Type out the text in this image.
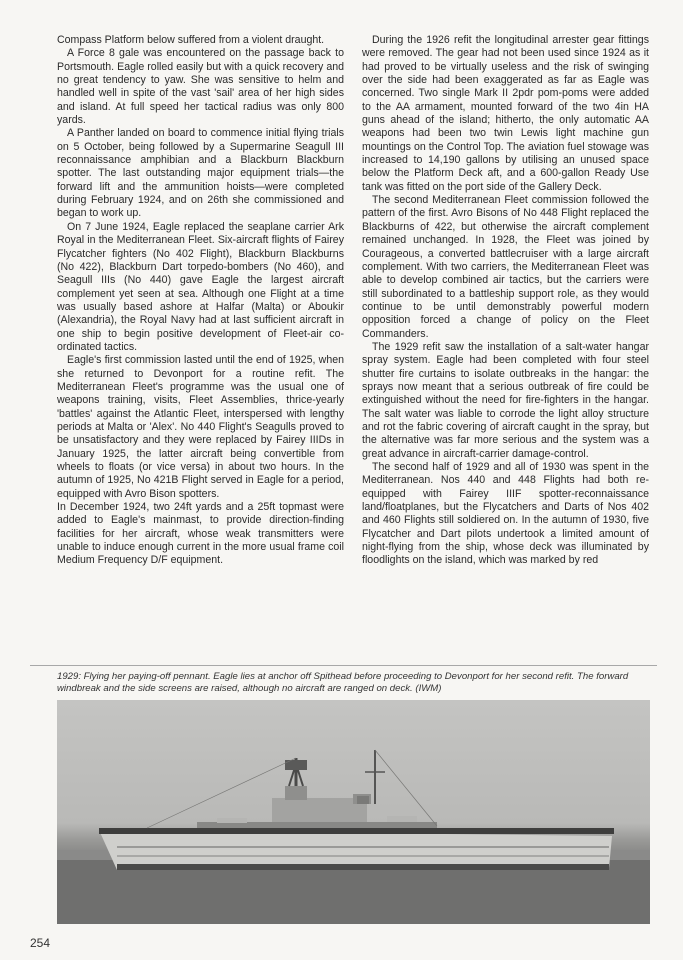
Compass Platform below suffered from a violent draught.

A Force 8 gale was encountered on the passage back to Portsmouth. Eagle rolled easily but with a quick recovery and no great tendency to yaw. She was sensitive to helm and handled well in spite of the vast 'sail' area of her high sides and island. At full speed her tactical radius was only 800 yards.

A Panther landed on board to commence initial flying trials on 5 October, being followed by a Supermarine Seagull III reconnaissance amphibian and a Blackburn Blackburn spotter. The last outstanding major equipment trials—the forward lift and the ammunition hoists—were completed during February 1924, and on 26th she commissioned and began to work up.

On 7 June 1924, Eagle replaced the seaplane carrier Ark Royal in the Mediterranean Fleet. Six-aircraft flights of Fairey Flycatcher fighters (No 402 Flight), Blackburn Blackburns (No 422), Blackburn Dart torpedo-bombers (No 460), and Seagull IIIs (No 440) gave Eagle the largest aircraft complement yet seen at sea. Although one Flight at a time was usually based ashore at Halfar (Malta) or Aboukir (Alexandria), the Royal Navy had at last sufficient aircraft in one ship to begin positive development of Fleet-air co-ordinated tactics.

Eagle's first commission lasted until the end of 1925, when she returned to Devonport for a routine refit. The Mediterranean Fleet's programme was the usual one of weapons training, visits, Fleet Assemblies, thrice-yearly 'battles' against the Atlantic Fleet, interspersed with lengthy periods at Malta or 'Alex'. No 440 Flight's Seagulls proved to be unsatisfactory and they were replaced by Fairey IIIDs in January 1925, the latter aircraft being convertible from wheels to floats (or vice versa) in about two hours. In the autumn of 1925, No 421B Flight served in Eagle for a period, equipped with Avro Bison spotters.

In December 1924, two 24ft yards and a 25ft topmast were added to Eagle's mainmast, to provide direction-finding facilities for her aircraft, whose weak transmitters were unable to induce enough current in the more usual frame coil Medium Frequency D/F equipment.

During the 1926 refit the longitudinal arrester gear fittings were removed. The gear had not been used since 1924 as it had proved to be virtually useless and the risk of swinging over the side had been exaggerated as far as Eagle was concerned. Two single Mark II 2pdr pom-poms were added to the AA armament, mounted forward of the two 4in HA guns ahead of the island; hitherto, the only automatic AA weapons had been two twin Lewis light machine gun mountings on the Control Top. The aviation fuel stowage was increased to 14,190 gallons by utilising an unused space below the Platform Deck aft, and a 600-gallon Ready Use tank was fitted on the port side of the Gallery Deck.

The second Mediterranean Fleet commission followed the pattern of the first. Avro Bisons of No 448 Flight replaced the Blackburns of 422, but otherwise the aircraft complement remained unchanged. In 1928, the Fleet was joined by Courageous, a converted battlecruiser with a large aircraft complement. With two carriers, the Mediterranean Fleet was able to develop combined air tactics, but the carriers were still subordinated to a battleship support role, as they would continue to be until demonstrably powerful modern opposition forced a change of policy on the Fleet Commanders.

The 1929 refit saw the installation of a salt-water hangar spray system. Eagle had been completed with four steel shutter fire curtains to isolate outbreaks in the hangar: the sprays now meant that a serious outbreak of fire could be extinguished without the need for fire-fighters in the hangar. The salt water was liable to corrode the light alloy structure and rot the fabric covering of aircraft caught in the spray, but the alternative was far more serious and the system was a great advance in aircraft-carrier damage-control.

The second half of 1929 and all of 1930 was spent in the Mediterranean. Nos 440 and 448 Flights had both re-equipped with Fairey IIIF spotter-reconnaissance land/floatplanes, but the Flycatchers and Darts of Nos 402 and 460 Flights still soldiered on. In the autumn of 1930, five Flycatcher and Dart pilots undertook a limited amount of night-flying from the ship, whose deck was illuminated by floodlights on the island, which was marked by red

1929: Flying her paying-off pennant. Eagle lies at anchor off Spithead before proceeding to Devonport for her second refit. The forward windbreak and the side screens are raised, although no aircraft are ranged on deck. (IWM)
254
